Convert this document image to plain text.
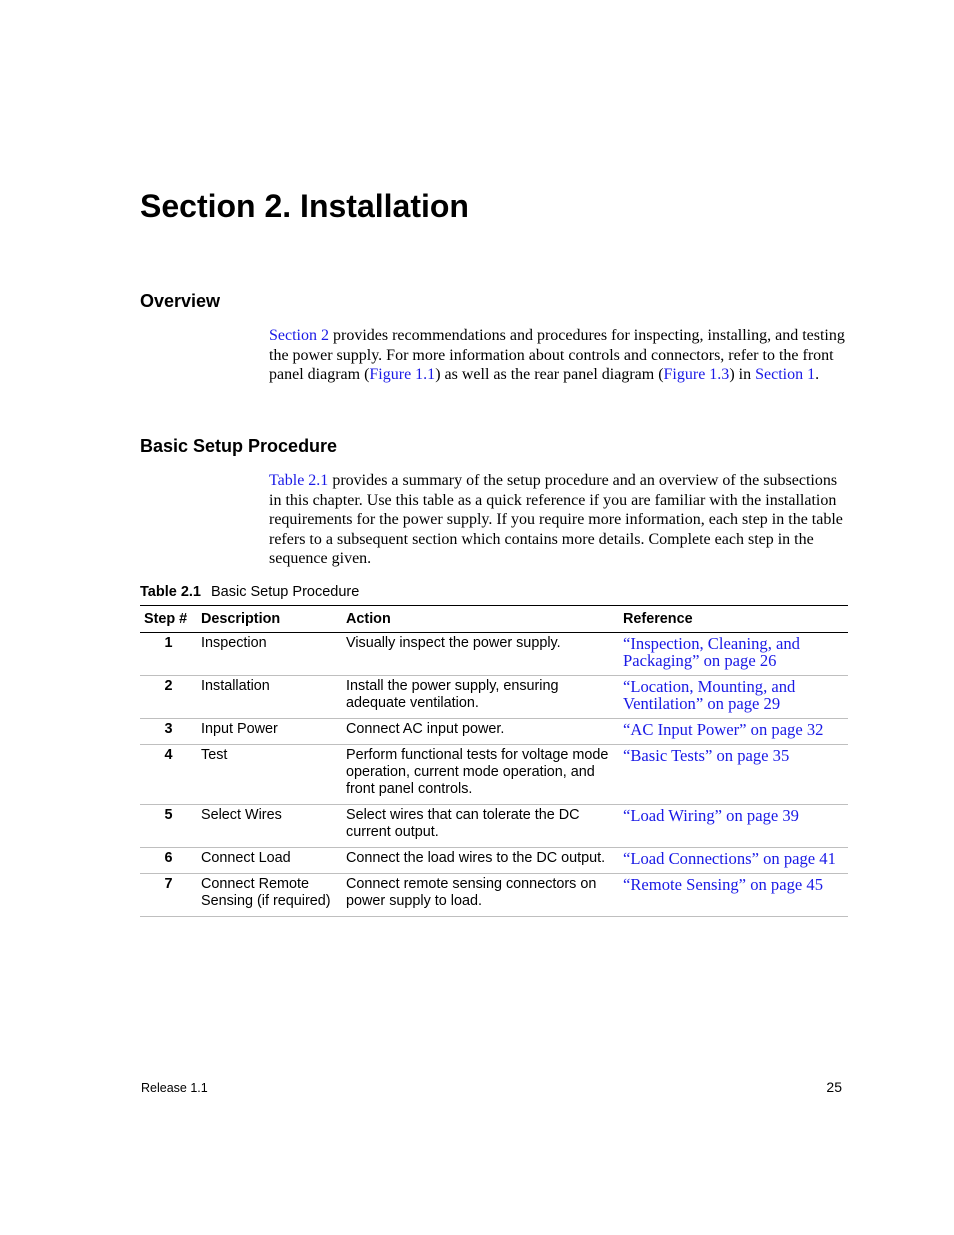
Section 2. Installation
Overview

Section 2 provides recommendations and procedures for inspecting, installing, and testing the power supply. For more information about controls and connectors, refer to the front panel diagram (Figure 1.1) as well as the rear panel diagram (Figure 1.3) in Section 1.

Basic Setup Procedure

Table 2.1 provides a summary of the setup procedure and an overview of the subsections in this chapter. Use this table as a quick reference if you are familiar with the installation requirements for the power supply. If you require more information, each step in the table refers to a subsequent section which contains more details. Complete each step in the sequence given.

Table 2.1 Basic Setup Procedure
Step #	Description	Action	Reference
1	Inspection	Visually inspect the power supply.	“Inspection, Cleaning, and Packaging” on page 26
2	Installation	Install the power supply, ensuring adequate ventilation.	“Location, Mounting, and Ventilation” on page 29
3	Input Power	Connect AC input power.	“AC Input Power” on page 32
4	Test	Perform functional tests for voltage mode operation, current mode operation, and front panel controls.	“Basic Tests” on page 35
5	Select Wires	Select wires that can tolerate the DC current output.	“Load Wiring” on page 39
6	Connect Load	Connect the load wires to the DC output.	“Load Connections” on page 41
7	Connect Remote Sensing (if required)	Connect remote sensing connectors on power supply to load.	“Remote Sensing” on page 45
Release 1.1	25
